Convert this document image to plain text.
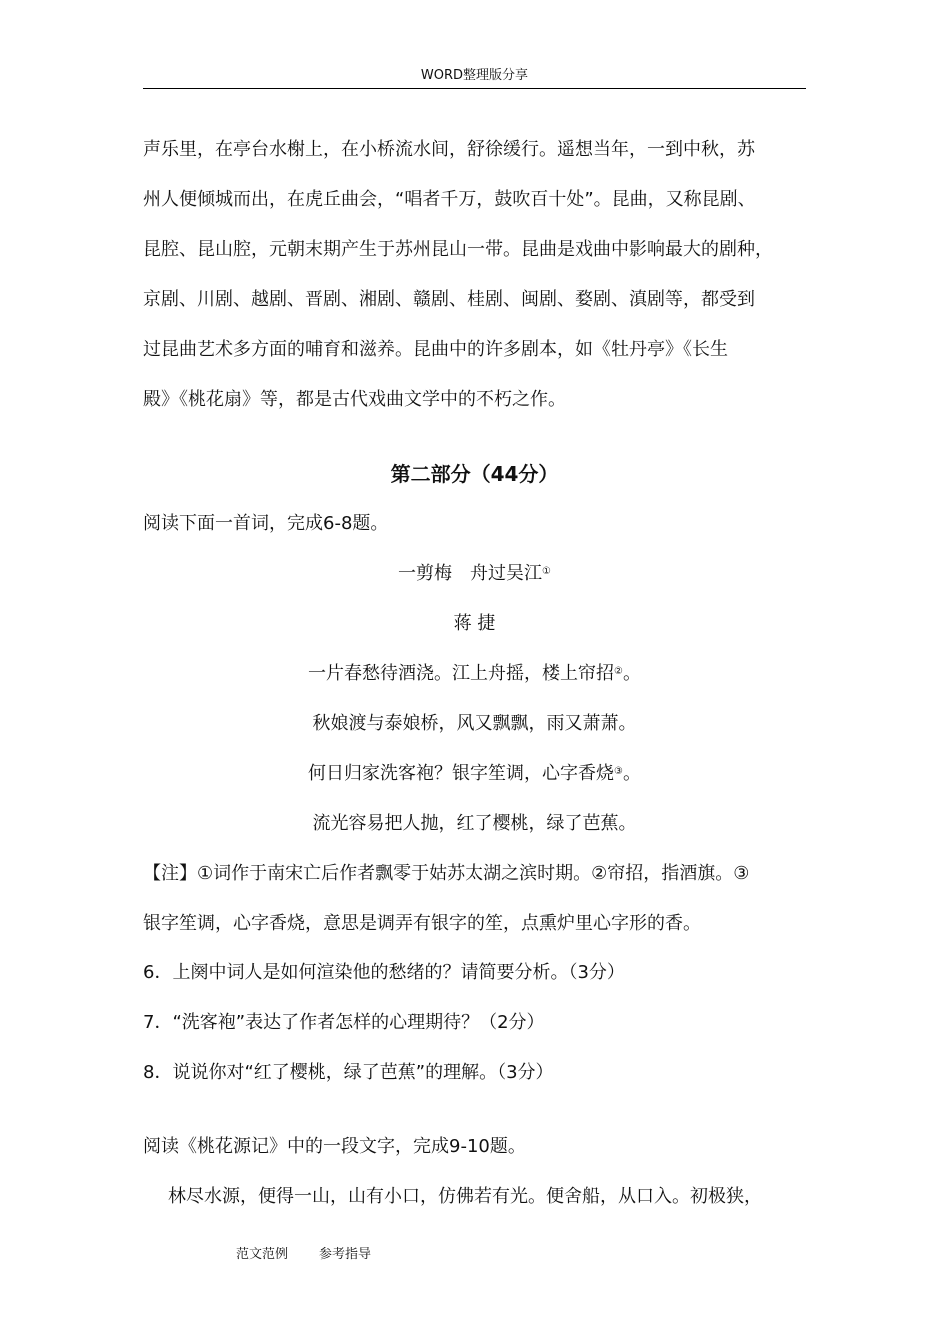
WORD整理版分享
声乐里，在亭台水榭上，在小桥流水间，舒徐缓行。遥想当年，一到中秋，苏
州人便倾城而出，在虎丘曲会，“唱者千万，鼓吹百十处”。昆曲，又称昆剧、
昆腔、昆山腔，元朝末期产生于苏州昆山一带。昆曲是戏曲中影响最大的剧种，
京剧、川剧、越剧、晋剧、湘剧、赣剧、桂剧、闽剧、婺剧、滇剧等，都受到
过昆曲艺术多方面的哺育和滋养。昆曲中的许多剧本，如《牡丹亭》《长生
殿》《桃花扇》等，都是古代戏曲文学中的不朽之作。
第二部分（44分）
阅读下面一首词，完成6-8题。
一剪梅　舟过吴江①
蒋 捷
一片春愁待酒浇。江上舟摇，楼上帘招②。
秋娘渡与泰娘桥，风又飘飘，雨又萧萧。
何日归家洗客袍？银字笙调，心字香烧③。
流光容易把人抛，红了樱桃，绿了芭蕉。
【注】①词作于南宋亡后作者飘零于姑苏太湖之滨时期。②帘招，指酒旗。③
银字笙调，心字香烧，意思是调弄有银字的笙，点熏炉里心字形的香。
6．上阕中词人是如何渲染他的愁绪的？请简要分析。（3分）
7．“洗客袍”表达了作者怎样的心理期待？（2分）
8．说说你对“红了樱桃，绿了芭蕉”的理解。（3分）
阅读《桃花源记》中的一段文字，完成9-10题。
林尽水源，便得一山，山有小口，仿佛若有光。便舍船，从口入。初极狭，
范文范例 参考指导
